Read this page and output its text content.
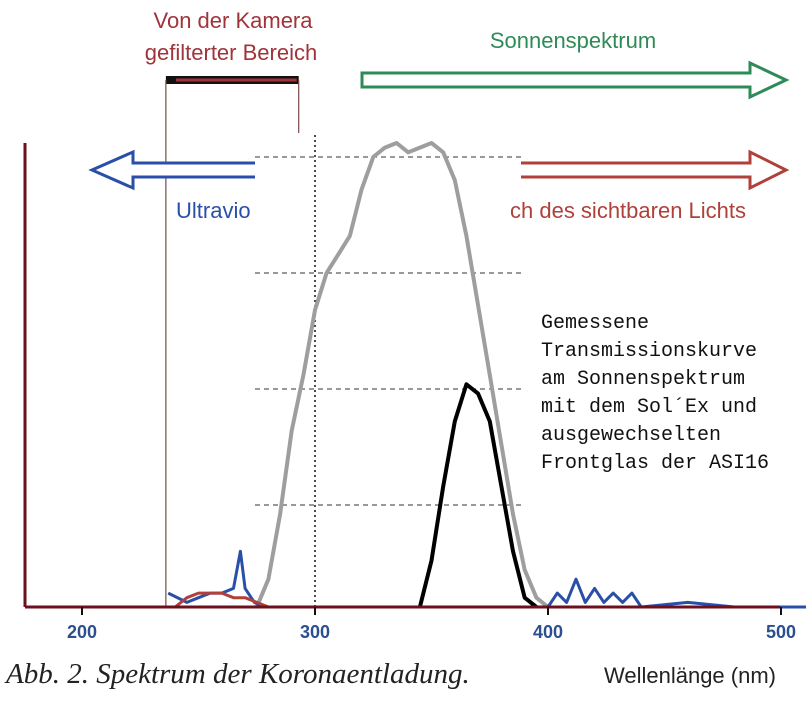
Von der Kamera
gefilterter Bereich	Sonnenspektrum
Ultravio	ch des sichtbaren Lichts
200	300	400	500
Gemessene Transmissionskurve am Sonnenspektrum mit dem Sol´Ex und ausgewechselten Frontglas der ASI16
Abb. 2. Spektrum der Koronaentladung.	Wellenlänge (nm)
